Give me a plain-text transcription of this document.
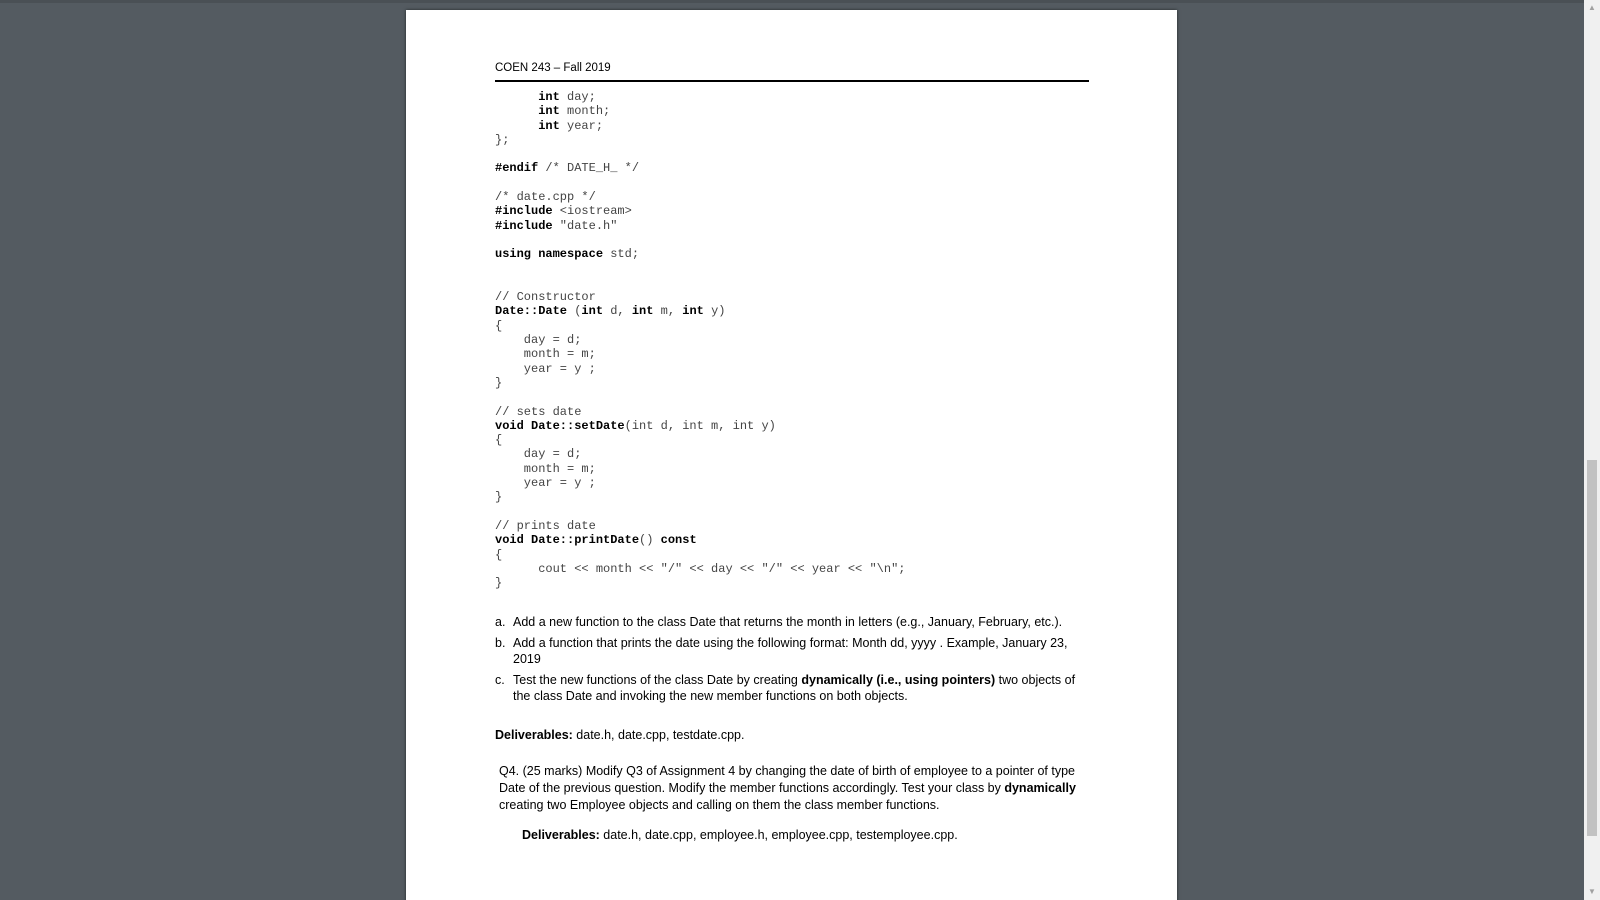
COEN 243 – Fall 2019
int day;
int month;
int year;
};
#endif /* DATE_H_ */
/* date.cpp */
#include <iostream>
#include "date.h"
using namespace std;
// Constructor
Date::Date (int d, int m, int y)
{
day = d;
month = m;
year = y ;
}
// sets date
void Date::setDate(int d, int m, int y)
{
day = d;
month = m;
year = y ;
}
// prints date
void Date::printDate() const
{
cout << month << "/" << day << "/" << year << "\n";
}
a. Add a new function to the class Date that returns the month in letters (e.g., January, February, etc.).
b. Add a function that prints the date using the following format: Month dd, yyyy . Example, January 23, 2019
c. Test the new functions of the class Date by creating dynamically (i.e., using pointers) two objects of the class Date and invoking the new member functions on both objects.
Deliverables: date.h, date.cpp, testdate.cpp.
Q4. (25 marks) Modify Q3 of Assignment 4 by changing the date of birth of employee to a pointer of type Date of the previous question. Modify the member functions accordingly. Test your class by dynamically creating two Employee objects and calling on them the class member functions.
Deliverables: date.h, date.cpp, employee.h, employee.cpp, testemployee.cpp.
▲
▼
